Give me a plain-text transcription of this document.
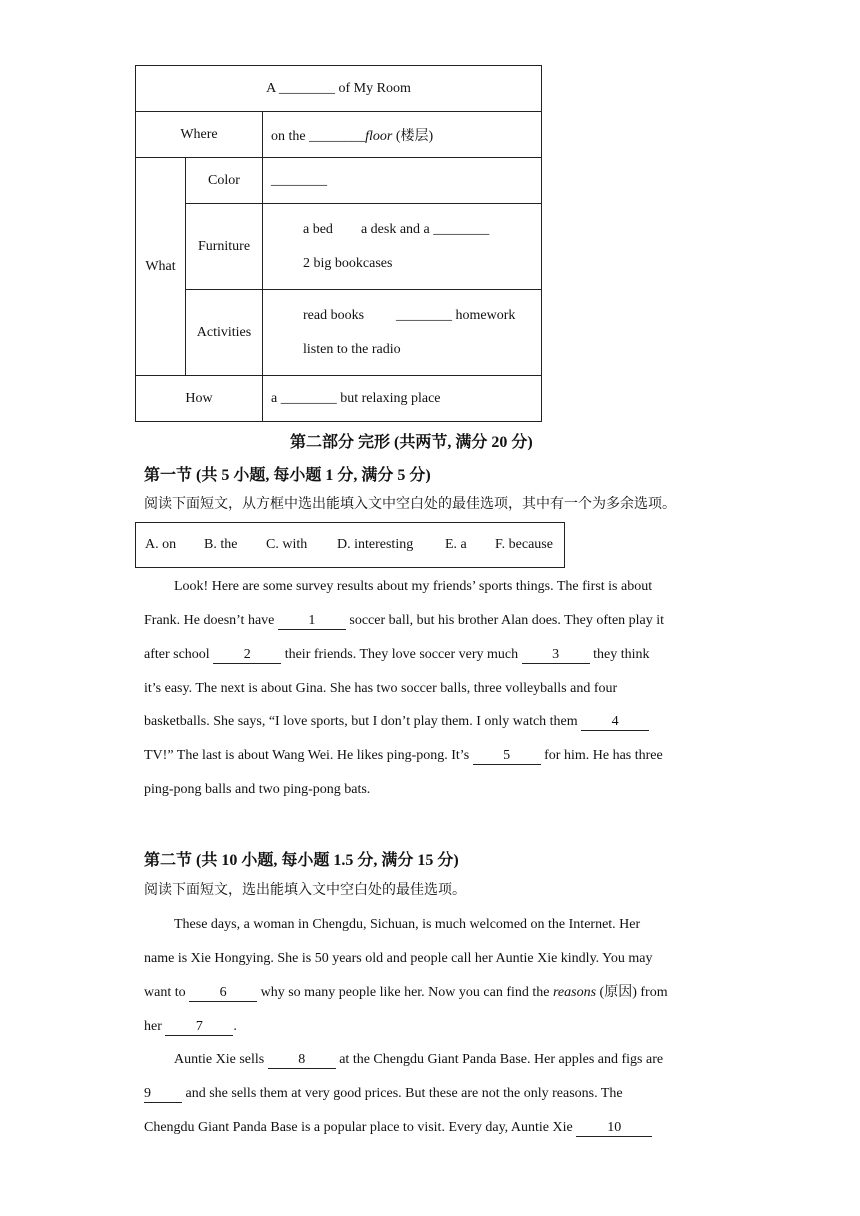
A ________ of My Room		
Where		on the ________floor (楼层)
What	Color	________
	Furniture	a bed a desk and a ________
2 big bookcases

	Activities	read books ________ homework
listen to the radio

How		a ________ but relaxing place
第二部分 完形 (共两节, 满分 20 分)
第一节 (共 5 小题, 每小题 1 分, 满分 5 分)
阅读下面短文，从方框中选出能填入文中空白处的最佳选项，其中有一个为多余选项。
A. on B. the C. with D. interesting E. a F. because
Look! Here are some survey results about my friends’ sports things. The first is about
Frank. He doesn’t have 1 soccer ball, but his brother Alan does. They often play it
after school 2 their friends. They love soccer very much 3 they think
it’s easy. The next is about Gina. She has two soccer balls, three volleyballs and four
basketballs. She says, “I love sports, but I don’t play them. I only watch them 4
TV!” The last is about Wang Wei. He likes ping-pong. It’s 5 for him. He has three
ping-pong balls and two ping-pong bats.
第二节 (共 10 小题, 每小题 1.5 分, 满分 15 分)
阅读下面短文，选出能填入文中空白处的最佳选项。
These days, a woman in Chengdu, Sichuan, is much welcomed on the Internet. Her
name is Xie Hongying. She is 50 years old and people call her Auntie Xie kindly. You may
want to 6 why so many people like her. Now you can find the reasons (原因) from
her 7 .
Auntie Xie sells 8 at the Chengdu Giant Panda Base. Her apples and figs are
9 and she sells them at very good prices. But these are not the only reasons. The
Chengdu Giant Panda Base is a popular place to visit. Every day, Auntie Xie 10
